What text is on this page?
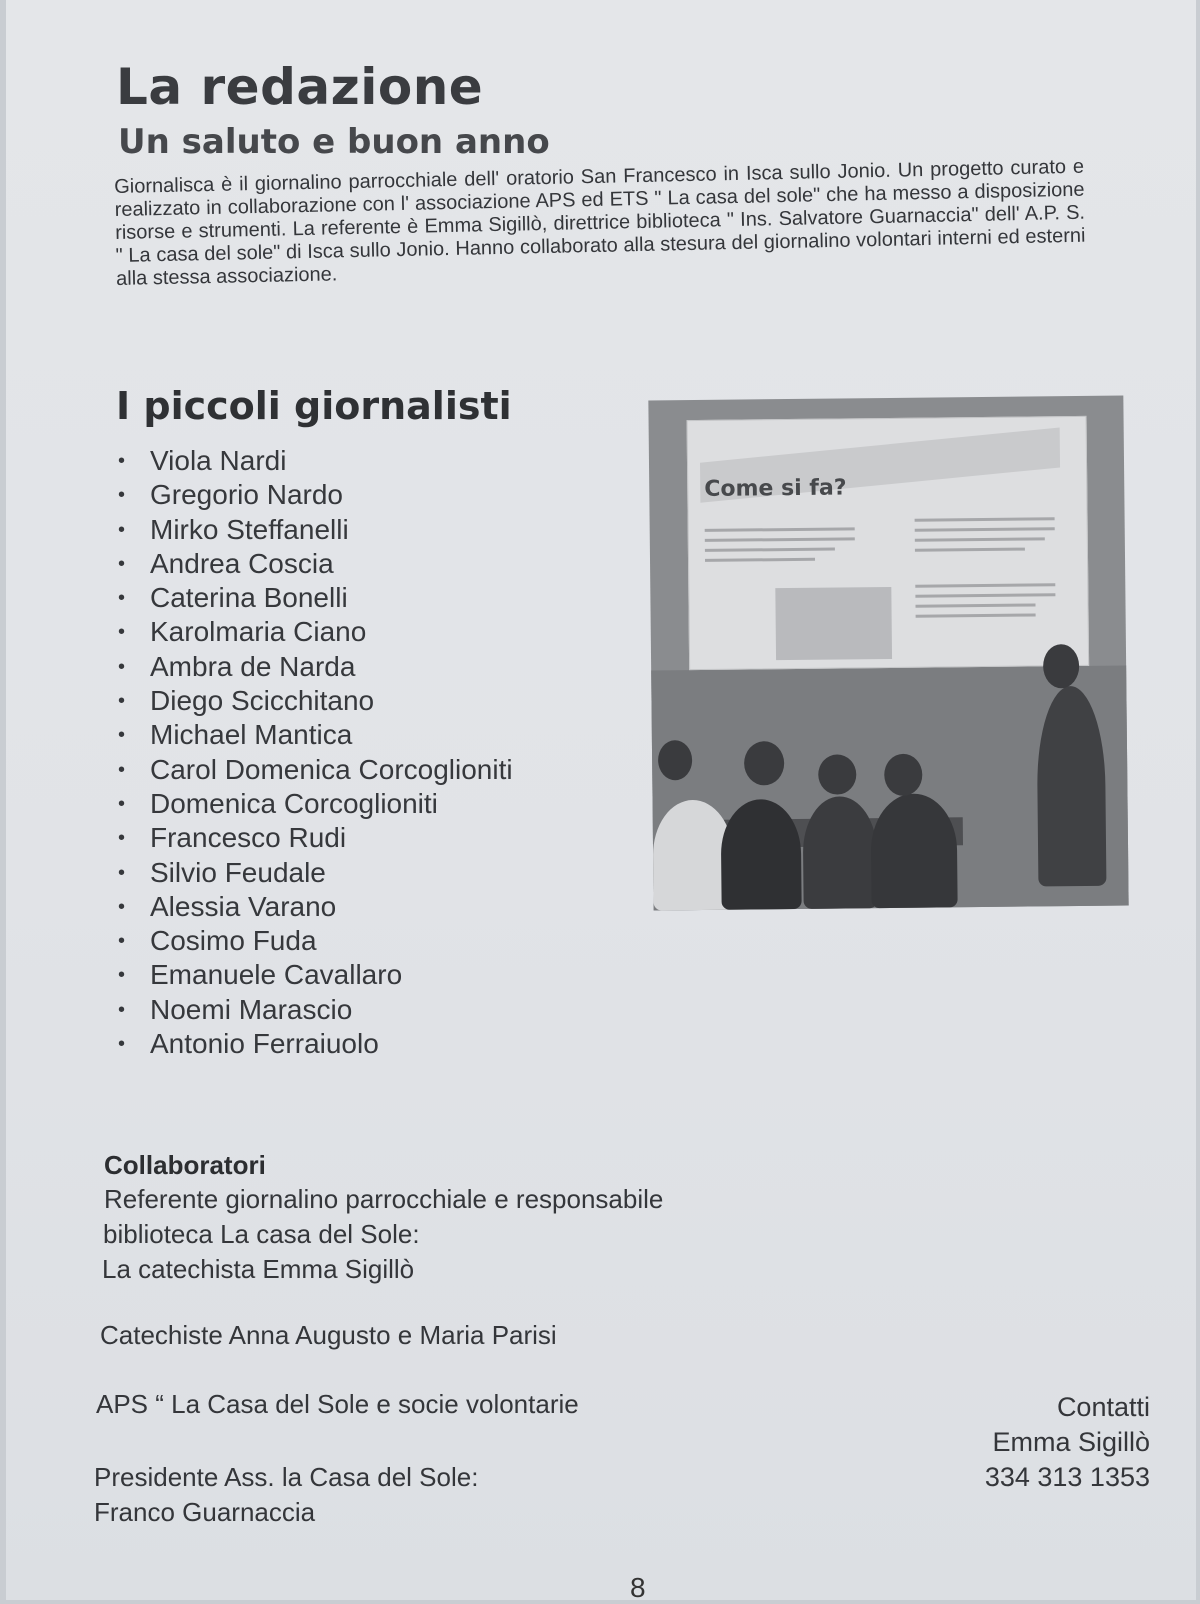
La redazione
Un saluto e buon anno

Giornalisca è il giornalino parrocchiale dell' oratorio San Francesco in Isca sullo Jonio. Un progetto curato e realizzato in collaborazione con l' associazione APS ed ETS " La casa del sole" che ha messo a disposizione risorse e strumenti. La referente è Emma Sigillò, direttrice biblioteca " Ins. Salvatore Guarnaccia" dell' A.P. S. " La casa del sole" di Isca sullo Jonio. Hanno collaborato alla stesura del giornalino volontari interni ed esterni alla stessa associazione.

I piccoli giornalisti
• Viola Nardi
• Gregorio Nardo
• Mirko Steffanelli
• Andrea Coscia
• Caterina Bonelli
• Karolmaria Ciano
• Ambra de Narda
• Diego Scicchitano
• Michael Mantica
• Carol Domenica Corcoglioniti
• Domenica Corcoglioniti
• Francesco Rudi
• Silvio Feudale
• Alessia Varano
• Cosimo Fuda
• Emanuele Cavallaro
• Noemi Marascio
• Antonio Ferraiuolo
Come si fa?
Collaboratori

Referente giornalino parrocchiale e responsabile

biblioteca La casa del Sole:

La catechista Emma Sigillò

Catechiste Anna Augusto e Maria Parisi

APS “ La Casa del Sole e socie volontarie

Presidente Ass. la Casa del Sole:

Franco Guarnaccia

Contatti
Emma Sigillò
334 313 1353
8
